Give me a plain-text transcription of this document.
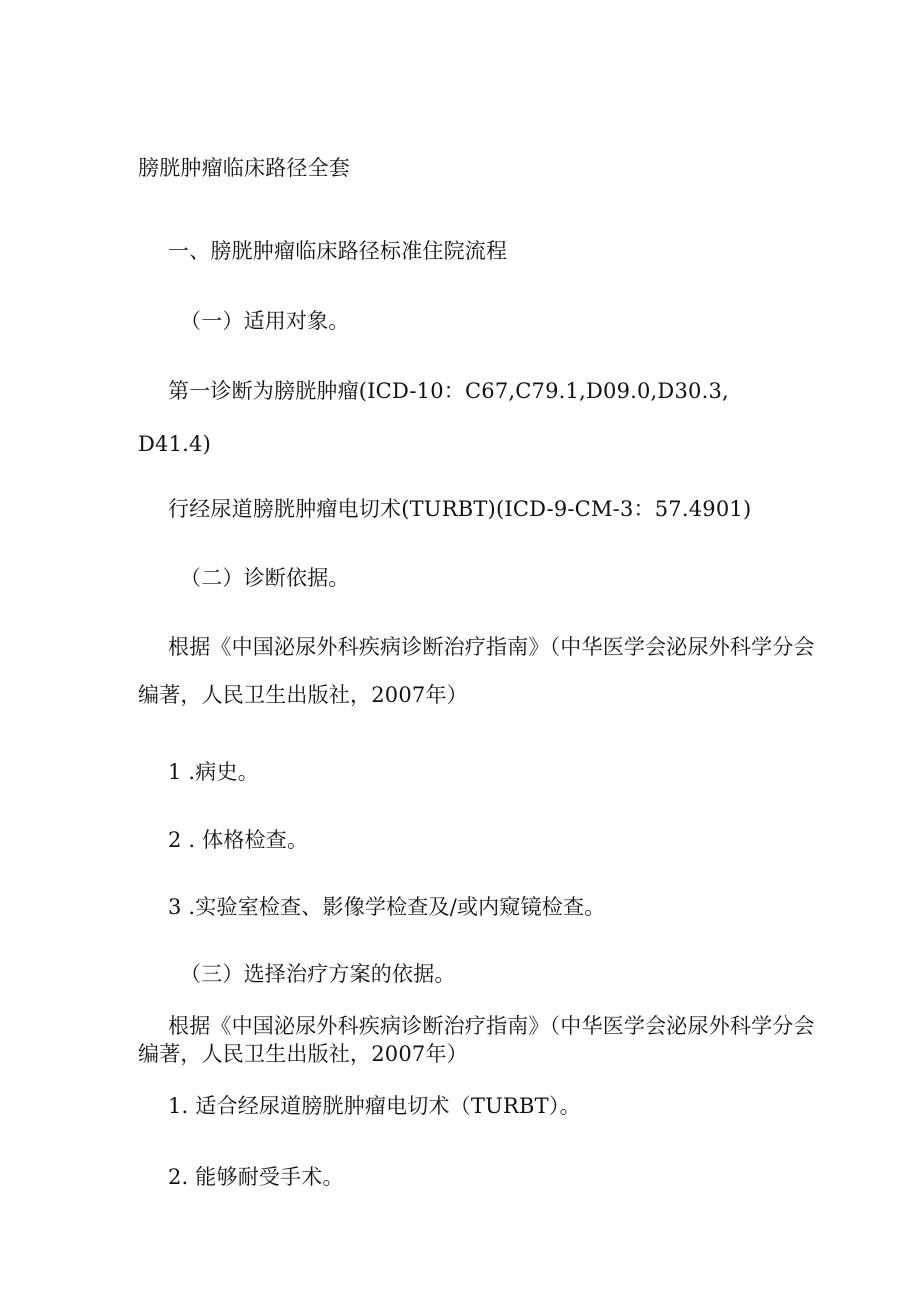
膀胱肿瘤临床路径全套
一、膀胱肿瘤临床路径标准住院流程
（一）适用对象。
第一诊断为膀胱肿瘤(ICD-10：C67,C79.1,D09.0,D30.3,
D41.4)
行经尿道膀胱肿瘤电切术(TURBT)(ICD-9-CM-3：57.4901)
（二）诊断依据。
根据《中国泌尿外科疾病诊断治疗指南》（中华医学会泌尿外科学分会
编著，人民卫生出版社，2007年）
1 .病史。
2 . 体格检查。
3 .实验室检查、影像学检查及/或内窥镜检查。
（三）选择治疗方案的依据。
根据《中国泌尿外科疾病诊断治疗指南》（中华医学会泌尿外科学分会
编著，人民卫生出版社，2007年）
1. 适合经尿道膀胱肿瘤电切术（TURBT）。
2. 能够耐受手术。
